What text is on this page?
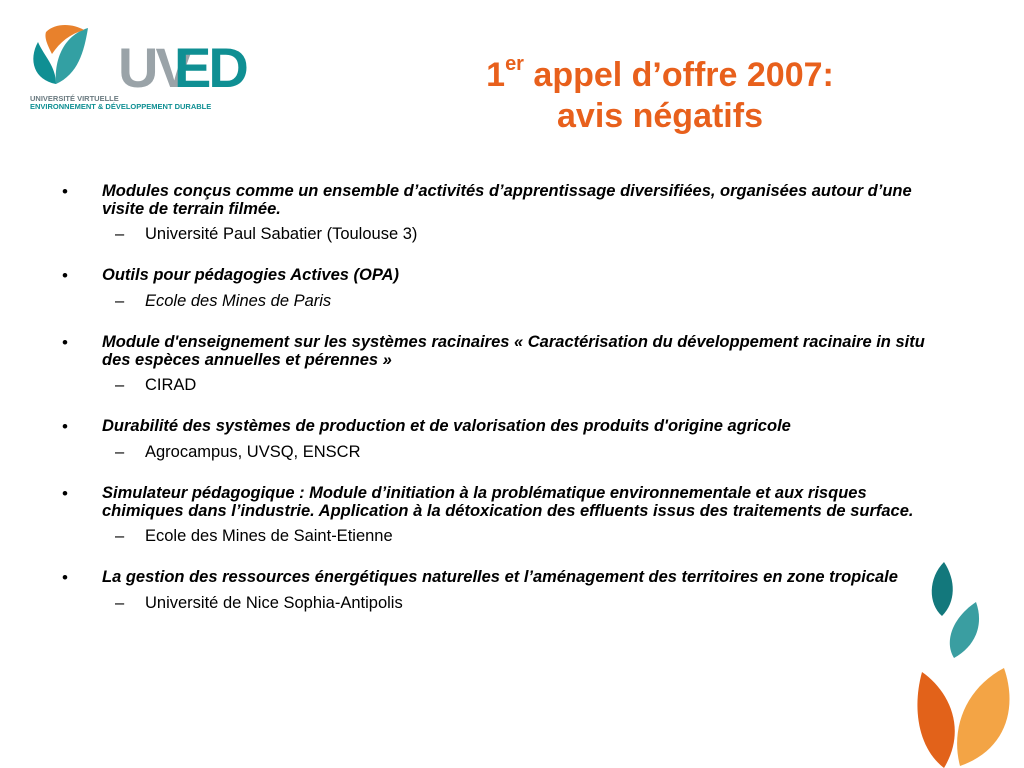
UV
ED
UNIVERSITÉ VIRTUELLE
ENVIRONNEMENT & DÉVELOPPEMENT DURABLE
1er appel d’offre 2007:
avis négatifs
•	Modules conçus comme un ensemble d’activités d’apprentissage diversifiées, organisées autour d’une visite de terrain filmée.
–	Université Paul Sabatier (Toulouse 3)
•	Outils pour pédagogies Actives (OPA)
–	Ecole des Mines de Paris
•	Module d'enseignement sur les systèmes racinaires « Caractérisation du développement racinaire in situ des espèces annuelles et pérennes »
–	CIRAD
•	Durabilité des systèmes de production et de valorisation des produits d'origine agricole
–	Agrocampus, UVSQ, ENSCR
•	Simulateur pédagogique : Module d’initiation à la problématique environnementale et aux risques chimiques dans l’industrie. Application à la détoxication des effluents issus des traitements de surface.
–	Ecole des Mines de Saint-Etienne
•	La gestion des ressources énergétiques naturelles et l’aménagement des territoires en zone tropicale
–	Université de Nice Sophia-Antipolis
